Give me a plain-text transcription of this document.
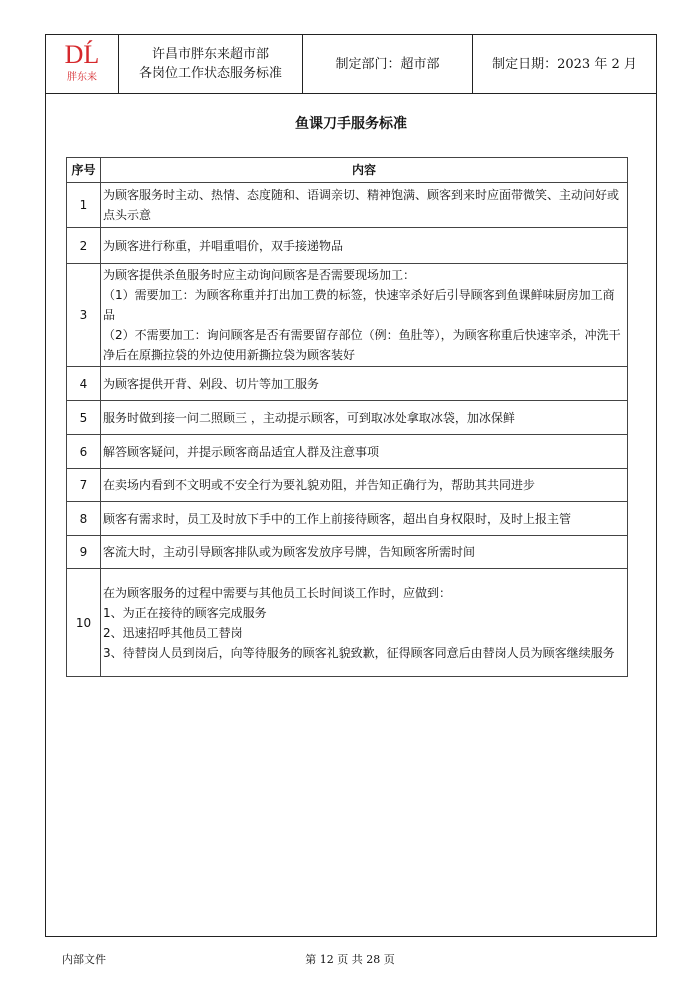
DĹ
胖东来
许昌市胖东来超市部
各岗位工作状态服务标准
制定部门：超市部	制定日期：2023 年 2 月
鱼课刀手服务标准
序号	内容
1	为顾客服务时主动、热情、态度随和、语调亲切、精神饱满、顾客到来时应面带微笑、主动问好或点头示意

2	为顾客进行称重，并唱重唱价，双手接递物品

3	为顾客提供杀鱼服务时应主动询问顾客是否需要现场加工：
（1）需要加工：为顾客称重并打出加工费的标签，快速宰杀好后引导顾客到鱼课鲜味厨房加工商品
（2）不需要加工：询问顾客是否有需要留存部位（例：鱼肚等），为顾客称重后快速宰杀，冲洗干净后在原撕拉袋的外边使用新撕拉袋为顾客装好

4	为顾客提供开背、剁段、切片等加工服务

5	服务时做到接一问二照顾三 ，主动提示顾客，可到取冰处拿取冰袋，加冰保鲜

6	解答顾客疑问，并提示顾客商品适宜人群及注意事项

7	在卖场内看到不文明或不安全行为要礼貌劝阻，并告知正确行为，帮助其共同进步

8	顾客有需求时，员工及时放下手中的工作上前接待顾客，超出自身权限时，及时上报主管

9	客流大时，主动引导顾客排队或为顾客发放序号牌，告知顾客所需时间

10	在为顾客服务的过程中需要与其他员工长时间谈工作时，应做到：
1、为正在接待的顾客完成服务
2、迅速招呼其他员工替岗
3、待替岗人员到岗后，向等待服务的顾客礼貌致歉，征得顾客同意后由替岗人员为顾客继续服务
内部文件	第 12 页 共 28 页
